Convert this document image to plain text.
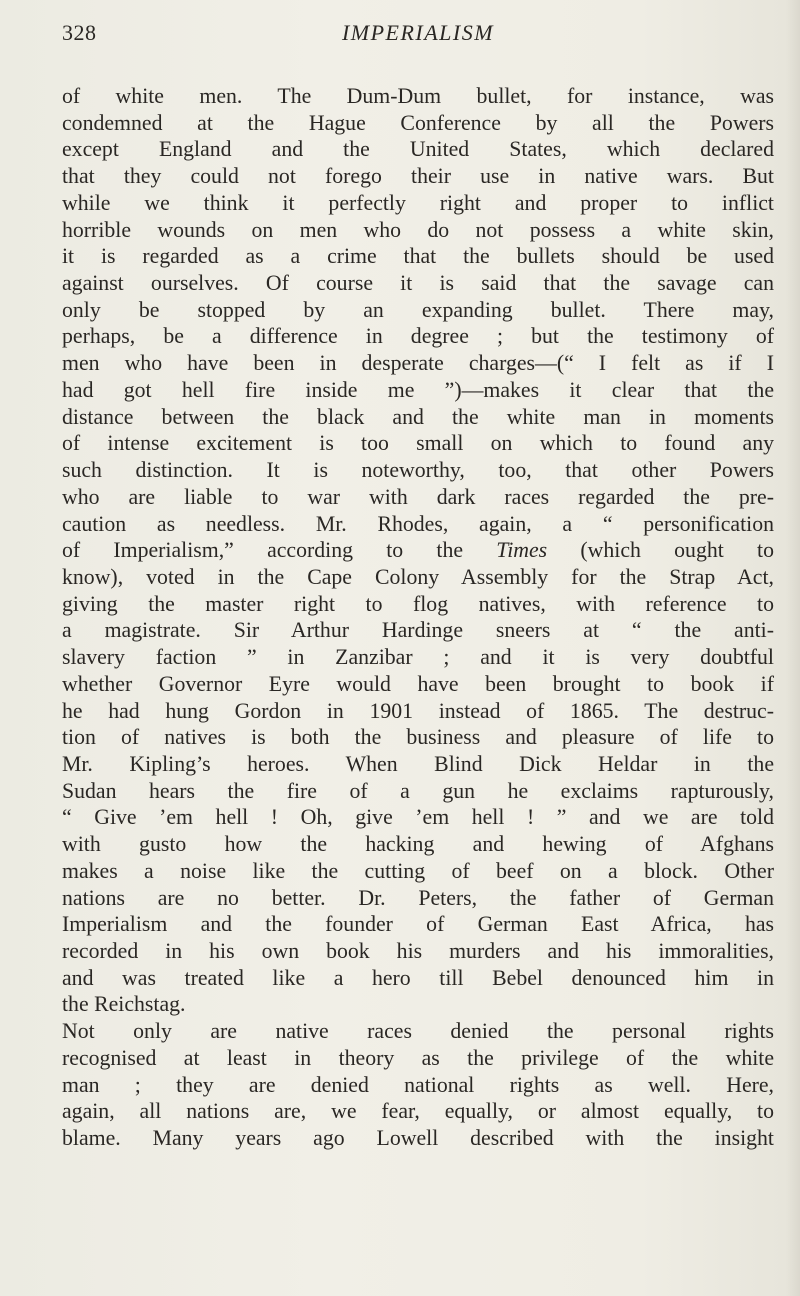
328	IMPERIALISM
of white men. The Dum-Dum bullet, for instance, was
condemned at the Hague Conference by all the Powers
except England and the United States, which declared
that they could not forego their use in native wars. But
while we think it perfectly right and proper to inflict
horrible wounds on men who do not possess a white skin,
it is regarded as a crime that the bullets should be used
against ourselves. Of course it is said that the savage can
only be stopped by an expanding bullet. There may,
perhaps, be a difference in degree ; but the testimony of
men who have been in desperate charges—(“ I felt as if I
had got hell fire inside me ”)—makes it clear that the
distance between the black and the white man in moments
of intense excitement is too small on which to found any
such distinction. It is noteworthy, too, that other Powers
who are liable to war with dark races regarded the pre-
caution as needless. Mr. Rhodes, again, a “ personification
of Imperialism,” according to the Times (which ought to
know), voted in the Cape Colony Assembly for the Strap Act,
giving the master right to flog natives, with reference to
a magistrate. Sir Arthur Hardinge sneers at “ the anti-
slavery faction ” in Zanzibar ; and it is very doubtful
whether Governor Eyre would have been brought to book if
he had hung Gordon in 1901 instead of 1865. The destruc-
tion of natives is both the business and pleasure of life to
Mr. Kipling’s heroes. When Blind Dick Heldar in the
Sudan hears the fire of a gun he exclaims rapturously,
“ Give ’em hell ! Oh, give ’em hell ! ” and we are told
with gusto how the hacking and hewing of Afghans
makes a noise like the cutting of beef on a block. Other
nations are no better. Dr. Peters, the father of German
Imperialism and the founder of German East Africa, has
recorded in his own book his murders and his immoralities,
and was treated like a hero till Bebel denounced him in
the Reichstag.
Not only are native races denied the personal rights
recognised at least in theory as the privilege of the white
man ; they are denied national rights as well. Here,
again, all nations are, we fear, equally, or almost equally, to
blame. Many years ago Lowell described with the insight
